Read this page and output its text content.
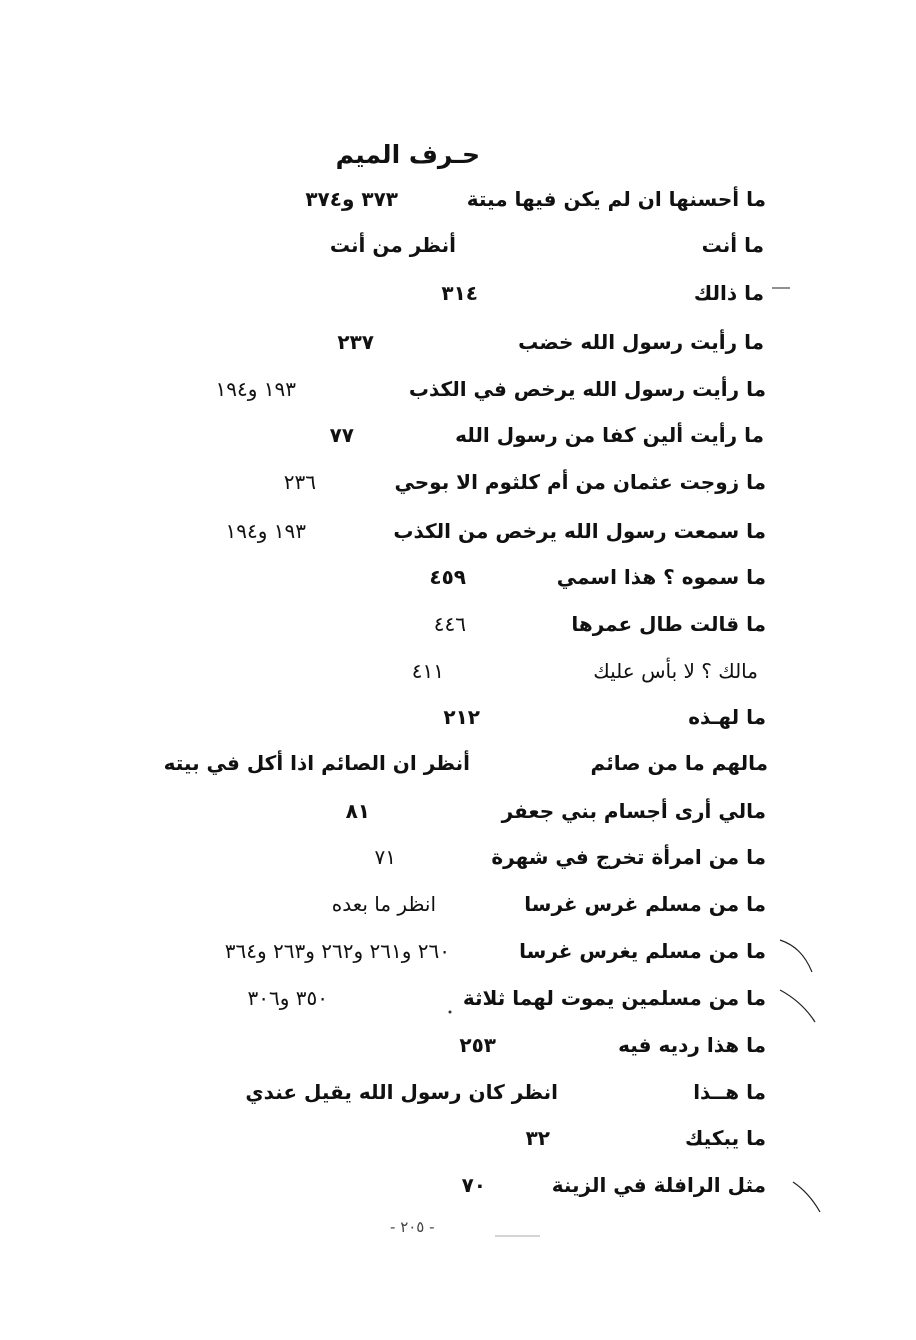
حـرف الميم
ما أحسنها ان لم يكن فيها ميتة
٣٧٣ و٣٧٤
ما أنت
أنظر من أنت
ما ذالك
٣١٤
ما رأيت رسول الله خضب
٢٣٧
ما رأيت رسول الله يرخص في الكذب
١٩٣ و١٩٤
ما رأيت ألين كفا من رسول الله
٧٧
ما زوجت عثمان من أم كلثوم الا بوحي
٢٣٦
ما سمعت رسول الله يرخص من الكذب
١٩٣ و١٩٤
ما سموه ؟ هذا اسمي
٤٥٩
ما قالت طال عمرها
٤٤٦
مالك ؟ لا بأس عليك
٤١١
ما لهـذه
٢١٢
مالهم ما من صائم
أنظر ان الصائم اذا أكل في بيته
مالي أرى أجسام بني جعفر
٨١
ما من امرأة تخرج في شهرة
٧١
ما من مسلم غرس غرسا
انظر ما بعده
ما من مسلم يغرس غرسا
٢٦٠ و٢٦١ و٢٦٢ و٢٦٣ و٣٦٤
ما من مسلمين يموت لهما ثلاثة
٣٥٠ و٣٠٦
ما هذا رديه فيه
٢٥٣
ما هــذا
انظر كان رسول الله يقيل عندي
ما يبكيك
٣٢
مثل الرافلة في الزينة
٧٠
- ٢٠٥ -
